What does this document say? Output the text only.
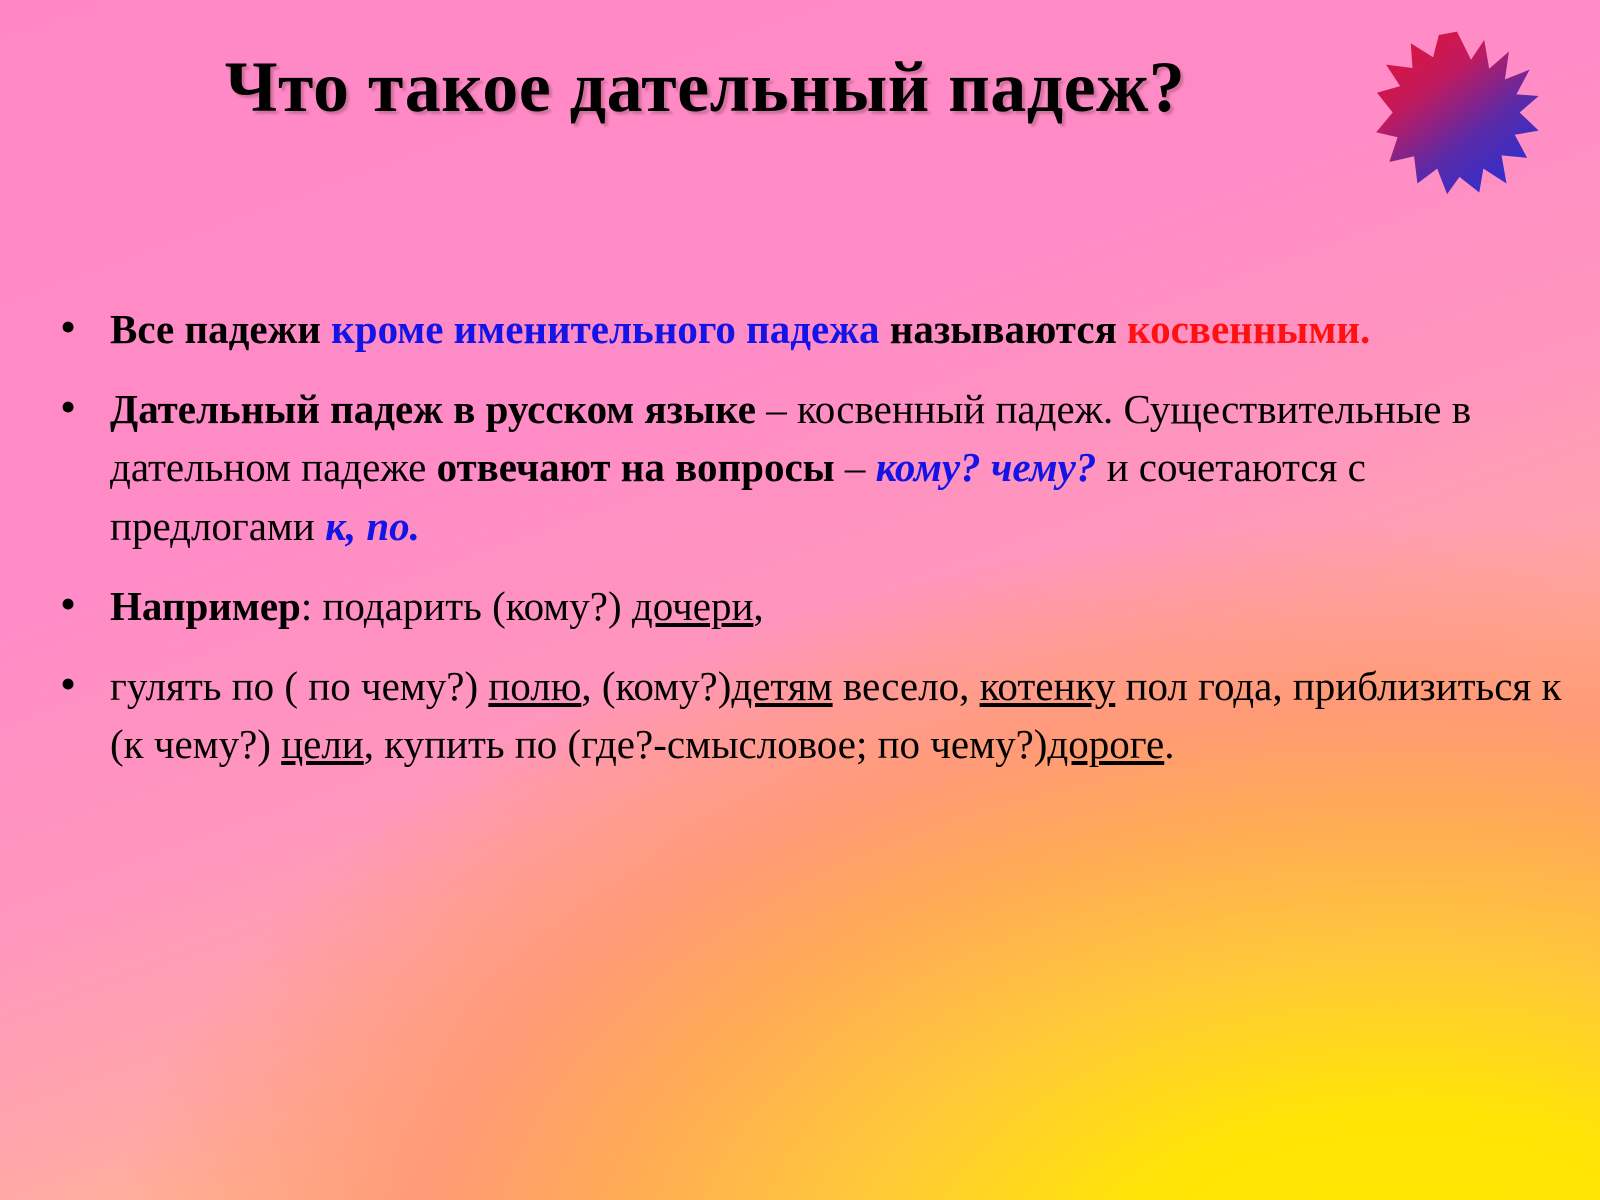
Что такое дательный падеж?
• Все падежи кроме именительного падежа называются косвенными.
• Дательный падеж в русском языке – косвенный падеж. Существительные в дательном падеже отвечают на вопросы – кому? чему? и сочетаются с предлогами к, по.
• Например: подарить (кому?) дочери,
• гулять по ( по чему?) полю, (кому?)детям весело, котенку пол года, приблизиться к (к чему?) цели, купить по (где?-смысловое; по чему?)дороге.
